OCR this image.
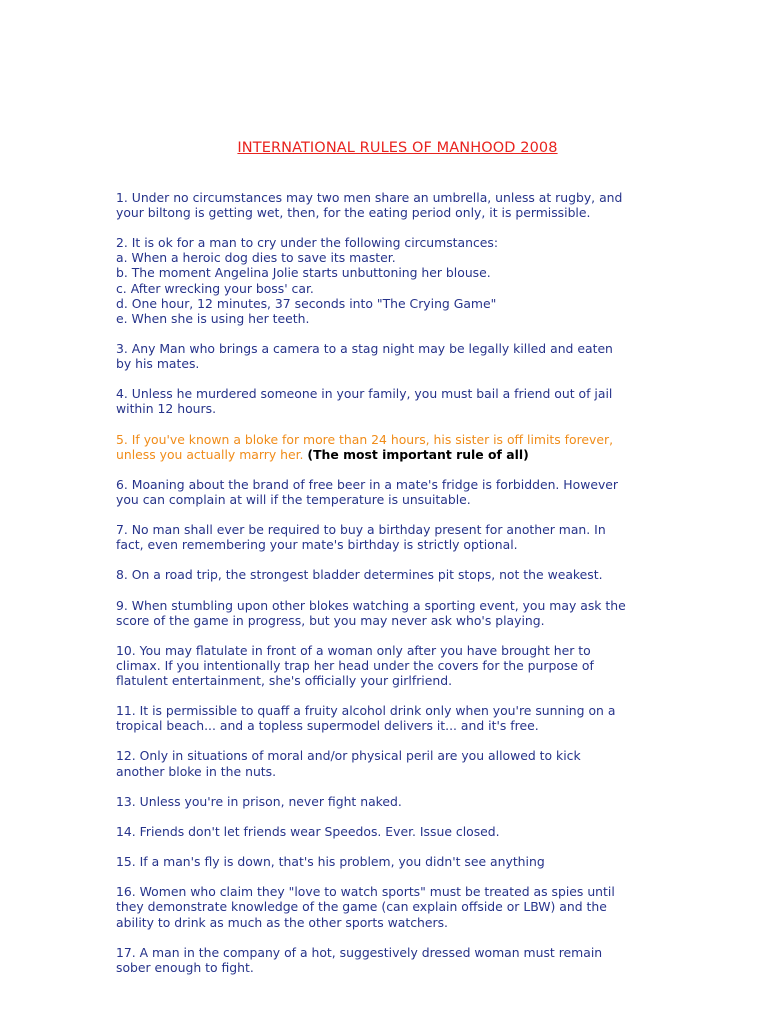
INTERNATIONAL RULES OF MANHOOD 2008
1. Under no circumstances may two men share an umbrella, unless at rugby, and
your biltong is getting wet, then, for the eating period only, it is permissible.
2. It is ok for a man to cry under the following circumstances:
a. When a heroic dog dies to save its master.
b. The moment Angelina Jolie starts unbuttoning her blouse.
c. After wrecking your boss' car.
d. One hour, 12 minutes, 37 seconds into "The Crying Game"
e. When she is using her teeth.
3. Any Man who brings a camera to a stag night may be legally killed and eaten
by his mates.
4. Unless he murdered someone in your family, you must bail a friend out of jail
within 12 hours.
5. If you've known a bloke for more than 24 hours, his sister is off limits forever,
unless you actually marry her. (The most important rule of all)
6. Moaning about the brand of free beer in a mate's fridge is forbidden. However
you can complain at will if the temperature is unsuitable.
7. No man shall ever be required to buy a birthday present for another man. In
fact, even remembering your mate's birthday is strictly optional.
8. On a road trip, the strongest bladder determines pit stops, not the weakest.
9. When stumbling upon other blokes watching a sporting event, you may ask the
score of the game in progress, but you may never ask who's playing.
10. You may flatulate in front of a woman only after you have brought her to
climax. If you intentionally trap her head under the covers for the purpose of
flatulent entertainment, she's officially your girlfriend.
11. It is permissible to quaff a fruity alcohol drink only when you're sunning on a
tropical beach... and a topless supermodel delivers it... and it's free.
12. Only in situations of moral and/or physical peril are you allowed to kick
another bloke in the nuts.
13. Unless you're in prison, never fight naked.
14. Friends don't let friends wear Speedos. Ever. Issue closed.
15. If a man's fly is down, that's his problem, you didn't see anything
16. Women who claim they "love to watch sports" must be treated as spies until
they demonstrate knowledge of the game (can explain offside or LBW) and the
ability to drink as much as the other sports watchers.
17. A man in the company of a hot, suggestively dressed woman must remain
sober enough to fight.
